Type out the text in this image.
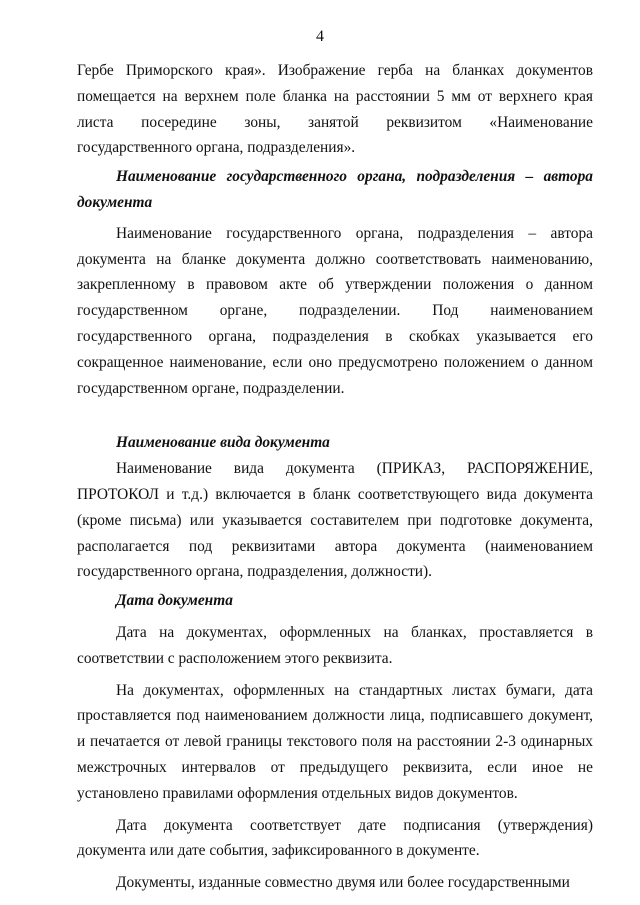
4

Гербе Приморского края». Изображение герба на бланках документов помещается на верхнем поле бланка на расстоянии 5 мм от верхнего края листа посередине зоны, занятой реквизитом «Наименование государственного органа, подразделения».

Наименование государственного органа, подразделения – автора документа

Наименование государственного органа, подразделения – автора документа на бланке документа должно соответствовать наименованию, закрепленному в правовом акте об утверждении положения о данном государственном органе, подразделении. Под наименованием государственного органа, подразделения в скобках указывается его сокращенное наименование, если оно предусмотрено положением о данном государственном органе, подразделении.

Наименование вида документа

Наименование вида документа (ПРИКАЗ, РАСПОРЯЖЕНИЕ, ПРОТОКОЛ и т.д.) включается в бланк соответствующего вида документа (кроме письма) или указывается составителем при подготовке документа, располагается под реквизитами автора документа (наименованием государственного органа, подразделения, должности).

Дата документа

Дата на документах, оформленных на бланках, проставляется в соответствии с расположением этого реквизита.

На документах, оформленных на стандартных листах бумаги, дата проставляется под наименованием должности лица, подписавшего документ, и печатается от левой границы текстового поля на расстоянии 2-3 одинарных межстрочных интервалов от предыдущего реквизита, если иное не установлено правилами оформления отдельных видов документов.

Дата документа соответствует дате подписания (утверждения) документа или дате события, зафиксированного в документе.

Документы, изданные совместно двумя или более государственными
